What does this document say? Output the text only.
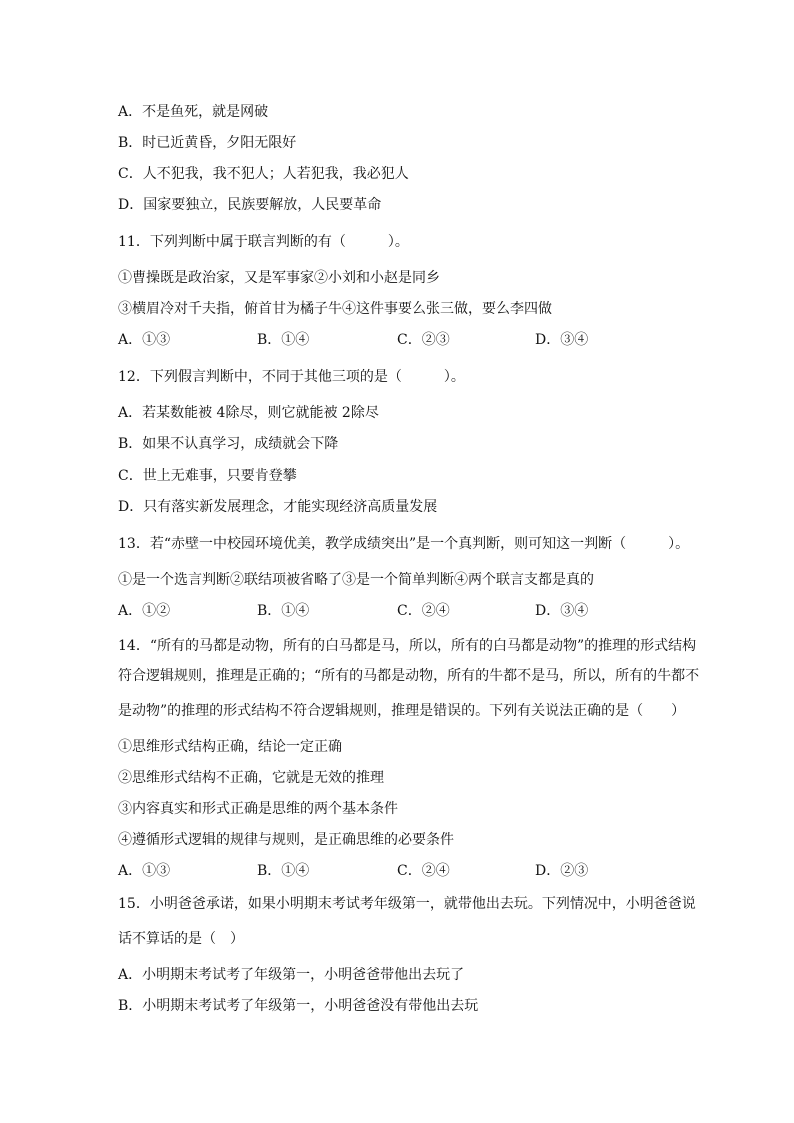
A．不是鱼死，就是网破
B．时已近黄昏，夕阳无限好
C．人不犯我，我不犯人；人若犯我，我必犯人
D．国家要独立，民族要解放，人民要革命
11．下列判断中属于联言判断的有（　　　）。
①曹操既是政治家，又是军事家②小刘和小赵是同乡
③横眉冷对千夫指，俯首甘为橘子牛④这件事要么张三做，要么李四做
A．①③	B．①④	C．②③	D．③④
12．下列假言判断中，不同于其他三项的是（　　　）。
A．若某数能被 4除尽，则它就能被 2除尽
B．如果不认真学习，成绩就会下降
C．世上无难事，只要肯登攀
D．只有落实新发展理念，才能实现经济高质量发展
13．若“赤壁一中校园环境优美，教学成绩突出”是一个真判断，则可知这一判断（　　　）。
①是一个选言判断②联结项被省略了③是一个简单判断④两个联言支都是真的
A．①②	B．①④	C．②④	D．③④
14．“所有的马都是动物，所有的白马都是马，所以，所有的白马都是动物”的推理的形式结构
符合逻辑规则，推理是正确的；“所有的马都是动物，所有的牛都不是马，所以，所有的牛都不
是动物”的推理的形式结构不符合逻辑规则，推理是错误的。下列有关说法正确的是（　　）
①思维形式结构正确，结论一定正确
②思维形式结构不正确，它就是无效的推理
③内容真实和形式正确是思维的两个基本条件
④遵循形式逻辑的规律与规则，是正确思维的必要条件
A．①③	B．①④	C．②④	D．②③
15．小明爸爸承诺，如果小明期末考试考年级第一，就带他出去玩。下列情况中，小明爸爸说
话不算话的是（　）
A．小明期末考试考了年级第一，小明爸爸带他出去玩了
B．小明期末考试考了年级第一，小明爸爸没有带他出去玩
